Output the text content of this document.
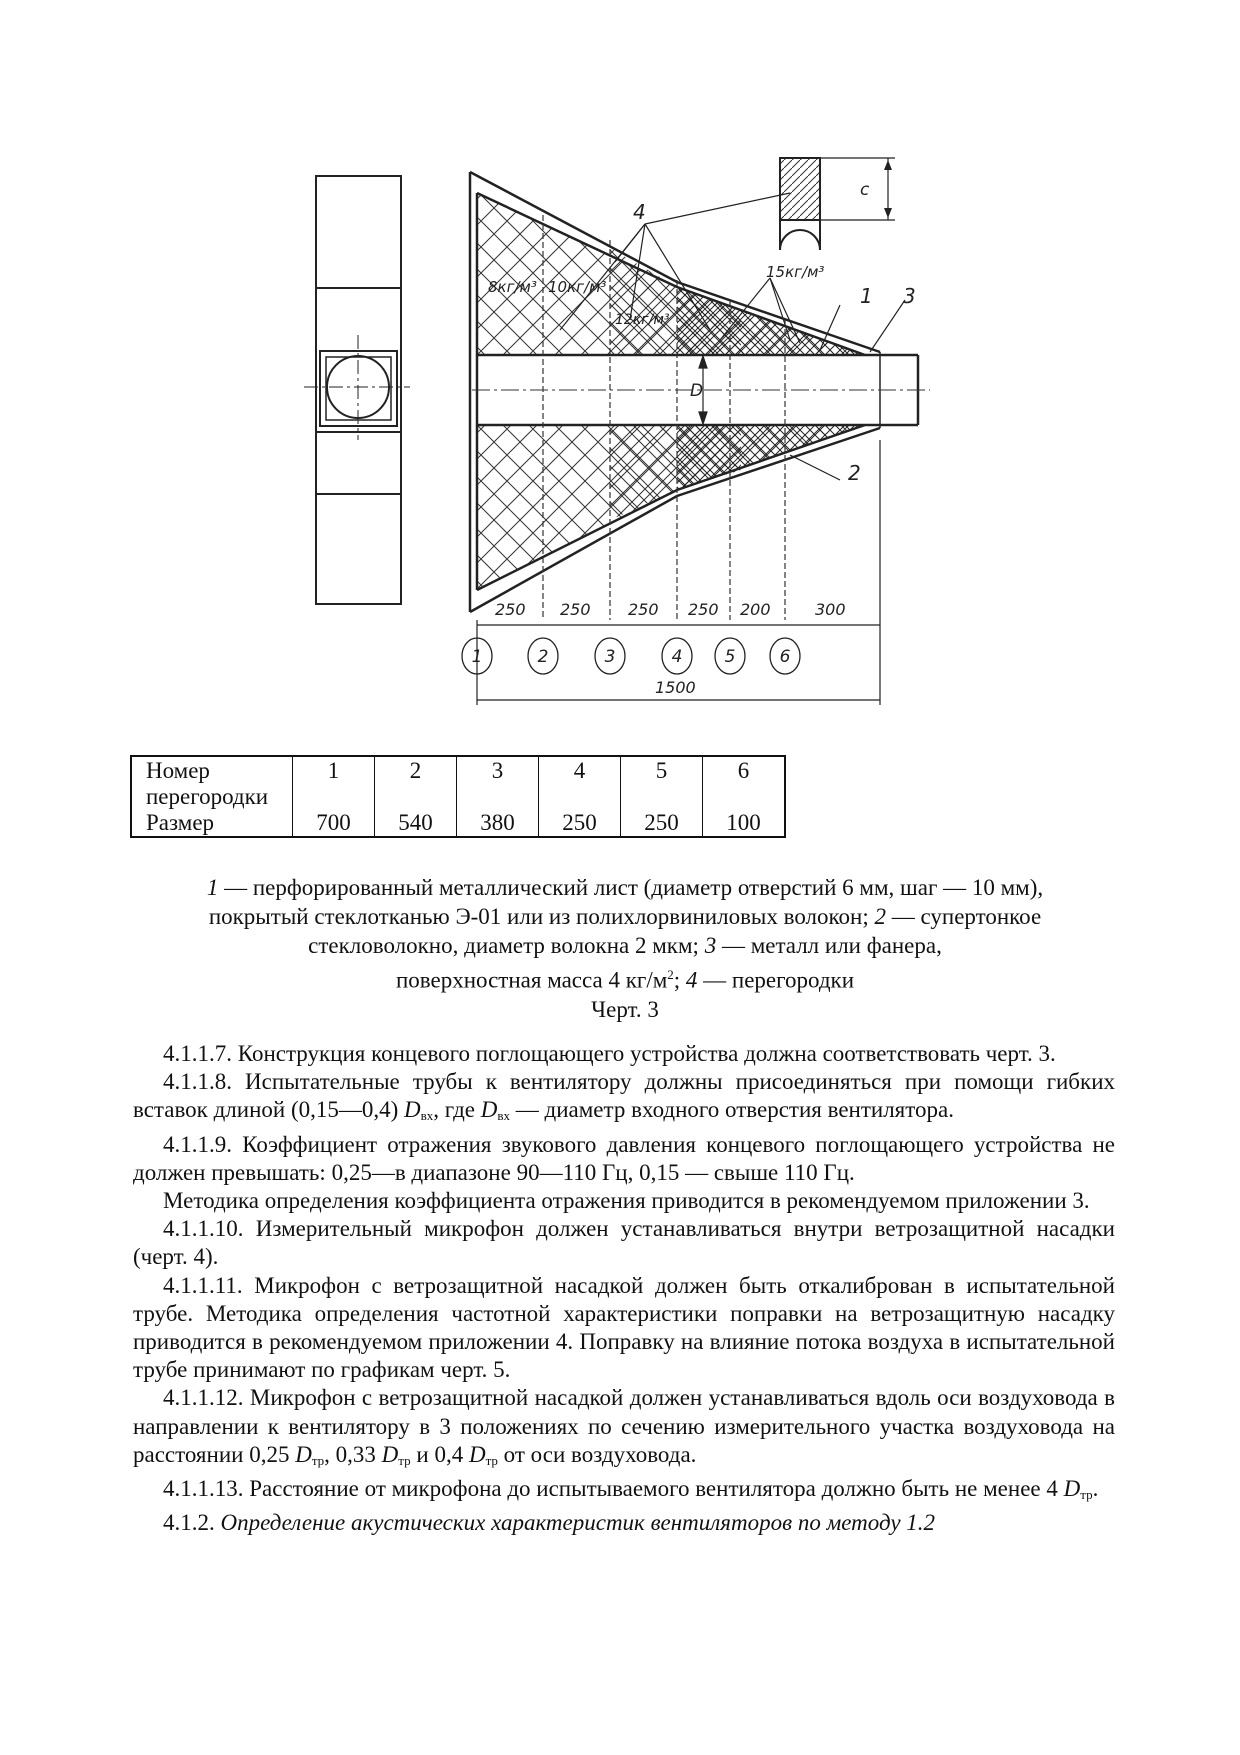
4
1 3
2
8кг/м³ 10кг/м³
12кг/м³
15кг/м³
D
c
250 250 250 250 200	300
1500
1	2	3	4 5	6
Номер
перегородки	1	2	3	4	5	6
Размер	700	540	380	250	250	100
1 — перфорированный металлический лист (диаметр отверстий 6 мм, шаг — 10 мм),
покрытый стеклотканью Э-01 или из полихлорвиниловых волокон; 2 — супертонкое
стекловолокно, диаметр волокна 2 мкм; 3 — металл или фанера,
поверхностная масса 4 $кг/м^2$; 4 — перегородки
Черт. 3

4.1.1.7. Конструкция концевого поглощающего устройства должна соответствовать черт. 3.

4.1.1.8. Испытательные трубы к вентилятору должны присоединяться при помощи гибких вставок длиной (0,15—0,4) $D_{вх}$, где $D_{вх}$ — диаметр входного отверстия вентилятора.

4.1.1.9. Коэффициент отражения звукового давления концевого поглощающего устройства не должен превышать: 0,25—в диапазоне 90—110 Гц, 0,15 — свыше 110 Гц.

Методика определения коэффициента отражения приводится в рекомендуемом приложении 3.

4.1.1.10. Измерительный микрофон должен устанавливаться внутри ветрозащитной насадки (черт. 4).

4.1.1.11. Микрофон с ветрозащитной насадкой должен быть откалиброван в испытательной трубе. Методика определения частотной характеристики поправки на ветрозащитную насадку приводится в рекомендуемом приложении 4. Поправку на влияние потока воздуха в испытательной трубе принимают по графикам черт. 5.

4.1.1.12. Микрофон с ветрозащитной насадкой должен устанавливаться вдоль оси воздуховода в направлении к вентилятору в 3 положениях по сечению измерительного участка воздуховода на расстоянии 0,25 $D_{тр}$, 0,33 $D_{тр}$ и 0,4 $D_{тр}$ от оси воздуховода.

4.1.1.13. Расстояние от микрофона до испытываемого вентилятора должно быть не менее 4 $D_{тр}$.

4.1.2. Определение акустических характеристик вентиляторов по методу 1.2
